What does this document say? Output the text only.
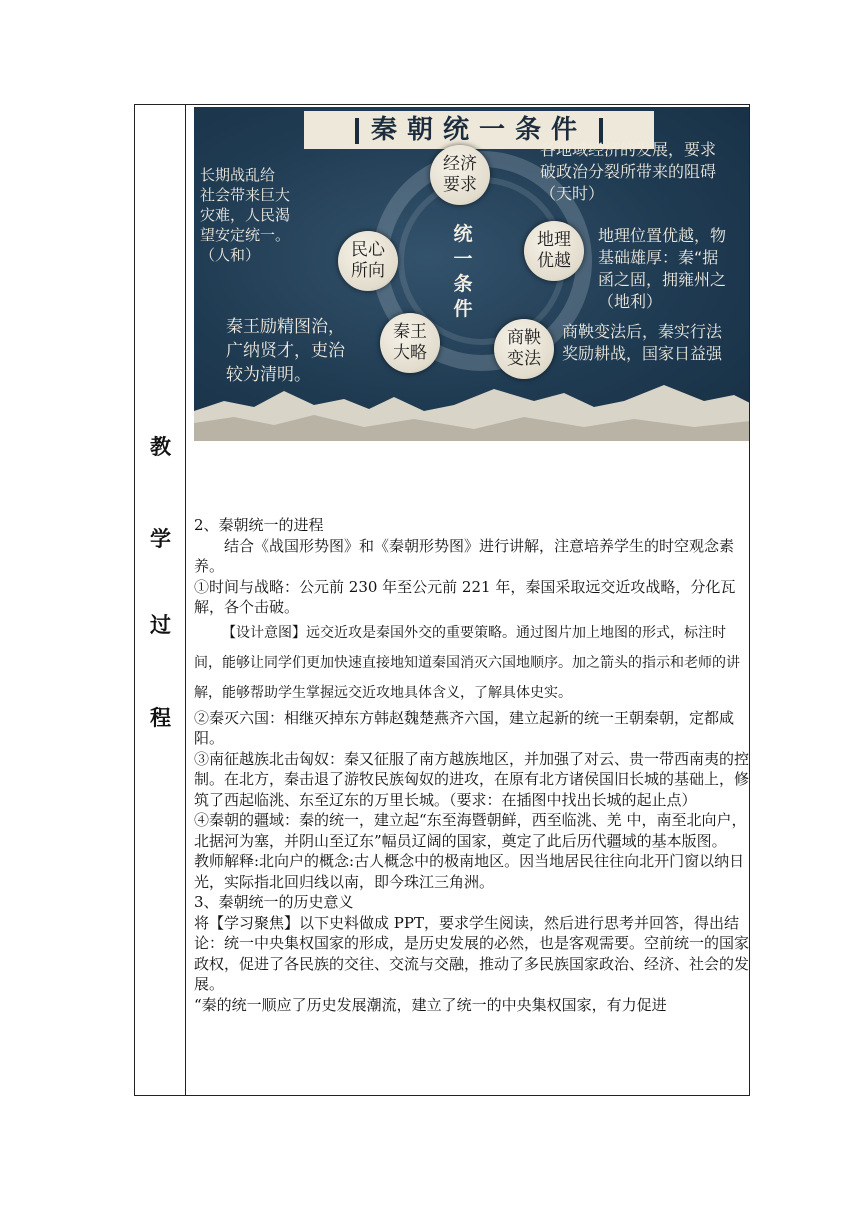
教
学
过
程
秦朝统一条件
统
一
条
件
经济
要求
地理
优越
商鞅
变法
秦王
大略
民心
所向
各地域经济的发展，要求
破政治分裂所带来的阻碍
（天时）
地理位置优越，物
基础雄厚：秦“据
函之固，拥雍州之
（地利）
商鞅变法后，秦实行法
奖励耕战，国家日益强
秦王励精图治，
广纳贤才，吏治
较为清明。
长期战乱给
社会带来巨大
灾难，人民渴
望安定统一。
（人和）

2、秦朝统一的进程

结合《战国形势图》和《秦朝形势图》进行讲解，注意培养学生的时空观念素养。

①时间与战略：公元前 230 年至公元前 221 年，秦国采取远交近攻战略，分化瓦解，各个击破。

【设计意图】远交近攻是秦国外交的重要策略。通过图片加上地图的形式，标注时间，能够让同学们更加快速直接地知道秦国消灭六国地顺序。加之箭头的指示和老师的讲解，能够帮助学生掌握远交近攻地具体含义，了解具体史实。

②秦灭六国：相继灭掉东方韩赵魏楚燕齐六国，建立起新的统一王朝秦朝，定都咸阳。

③南征越族北击匈奴：秦又征服了南方越族地区，并加强了对云、贵一带西南夷的控制。在北方，秦击退了游牧民族匈奴的进攻，在原有北方诸侯国旧长城的基础上，修筑了西起临洮、东至辽东的万里长城。（要求：在插图中找出长城的起止点）

④秦朝的疆域：秦的统一，建立起“东至海暨朝鲜，西至临洮、羌 中，南至北向户，北据河为塞，并阴山至辽东”幅员辽阔的国家，奠定了此后历代疆域的基本版图。

教师解释:北向户的概念:古人概念中的极南地区。因当地居民往往向北开门窗以纳日光，实际指北回归线以南，即今珠江三角洲。

3、秦朝统一的历史意义

将【学习聚焦】以下史料做成 PPT，要求学生阅读，然后进行思考并回答，得出结论：统一中央集权国家的形成，是历史发展的必然，也是客观需要。空前统一的国家政权，促进了各民族的交往、交流与交融，推动了多民族国家政治、经济、社会的发展。

“秦的统一顺应了历史发展潮流，建立了统一的中央集权国家，有力促进
